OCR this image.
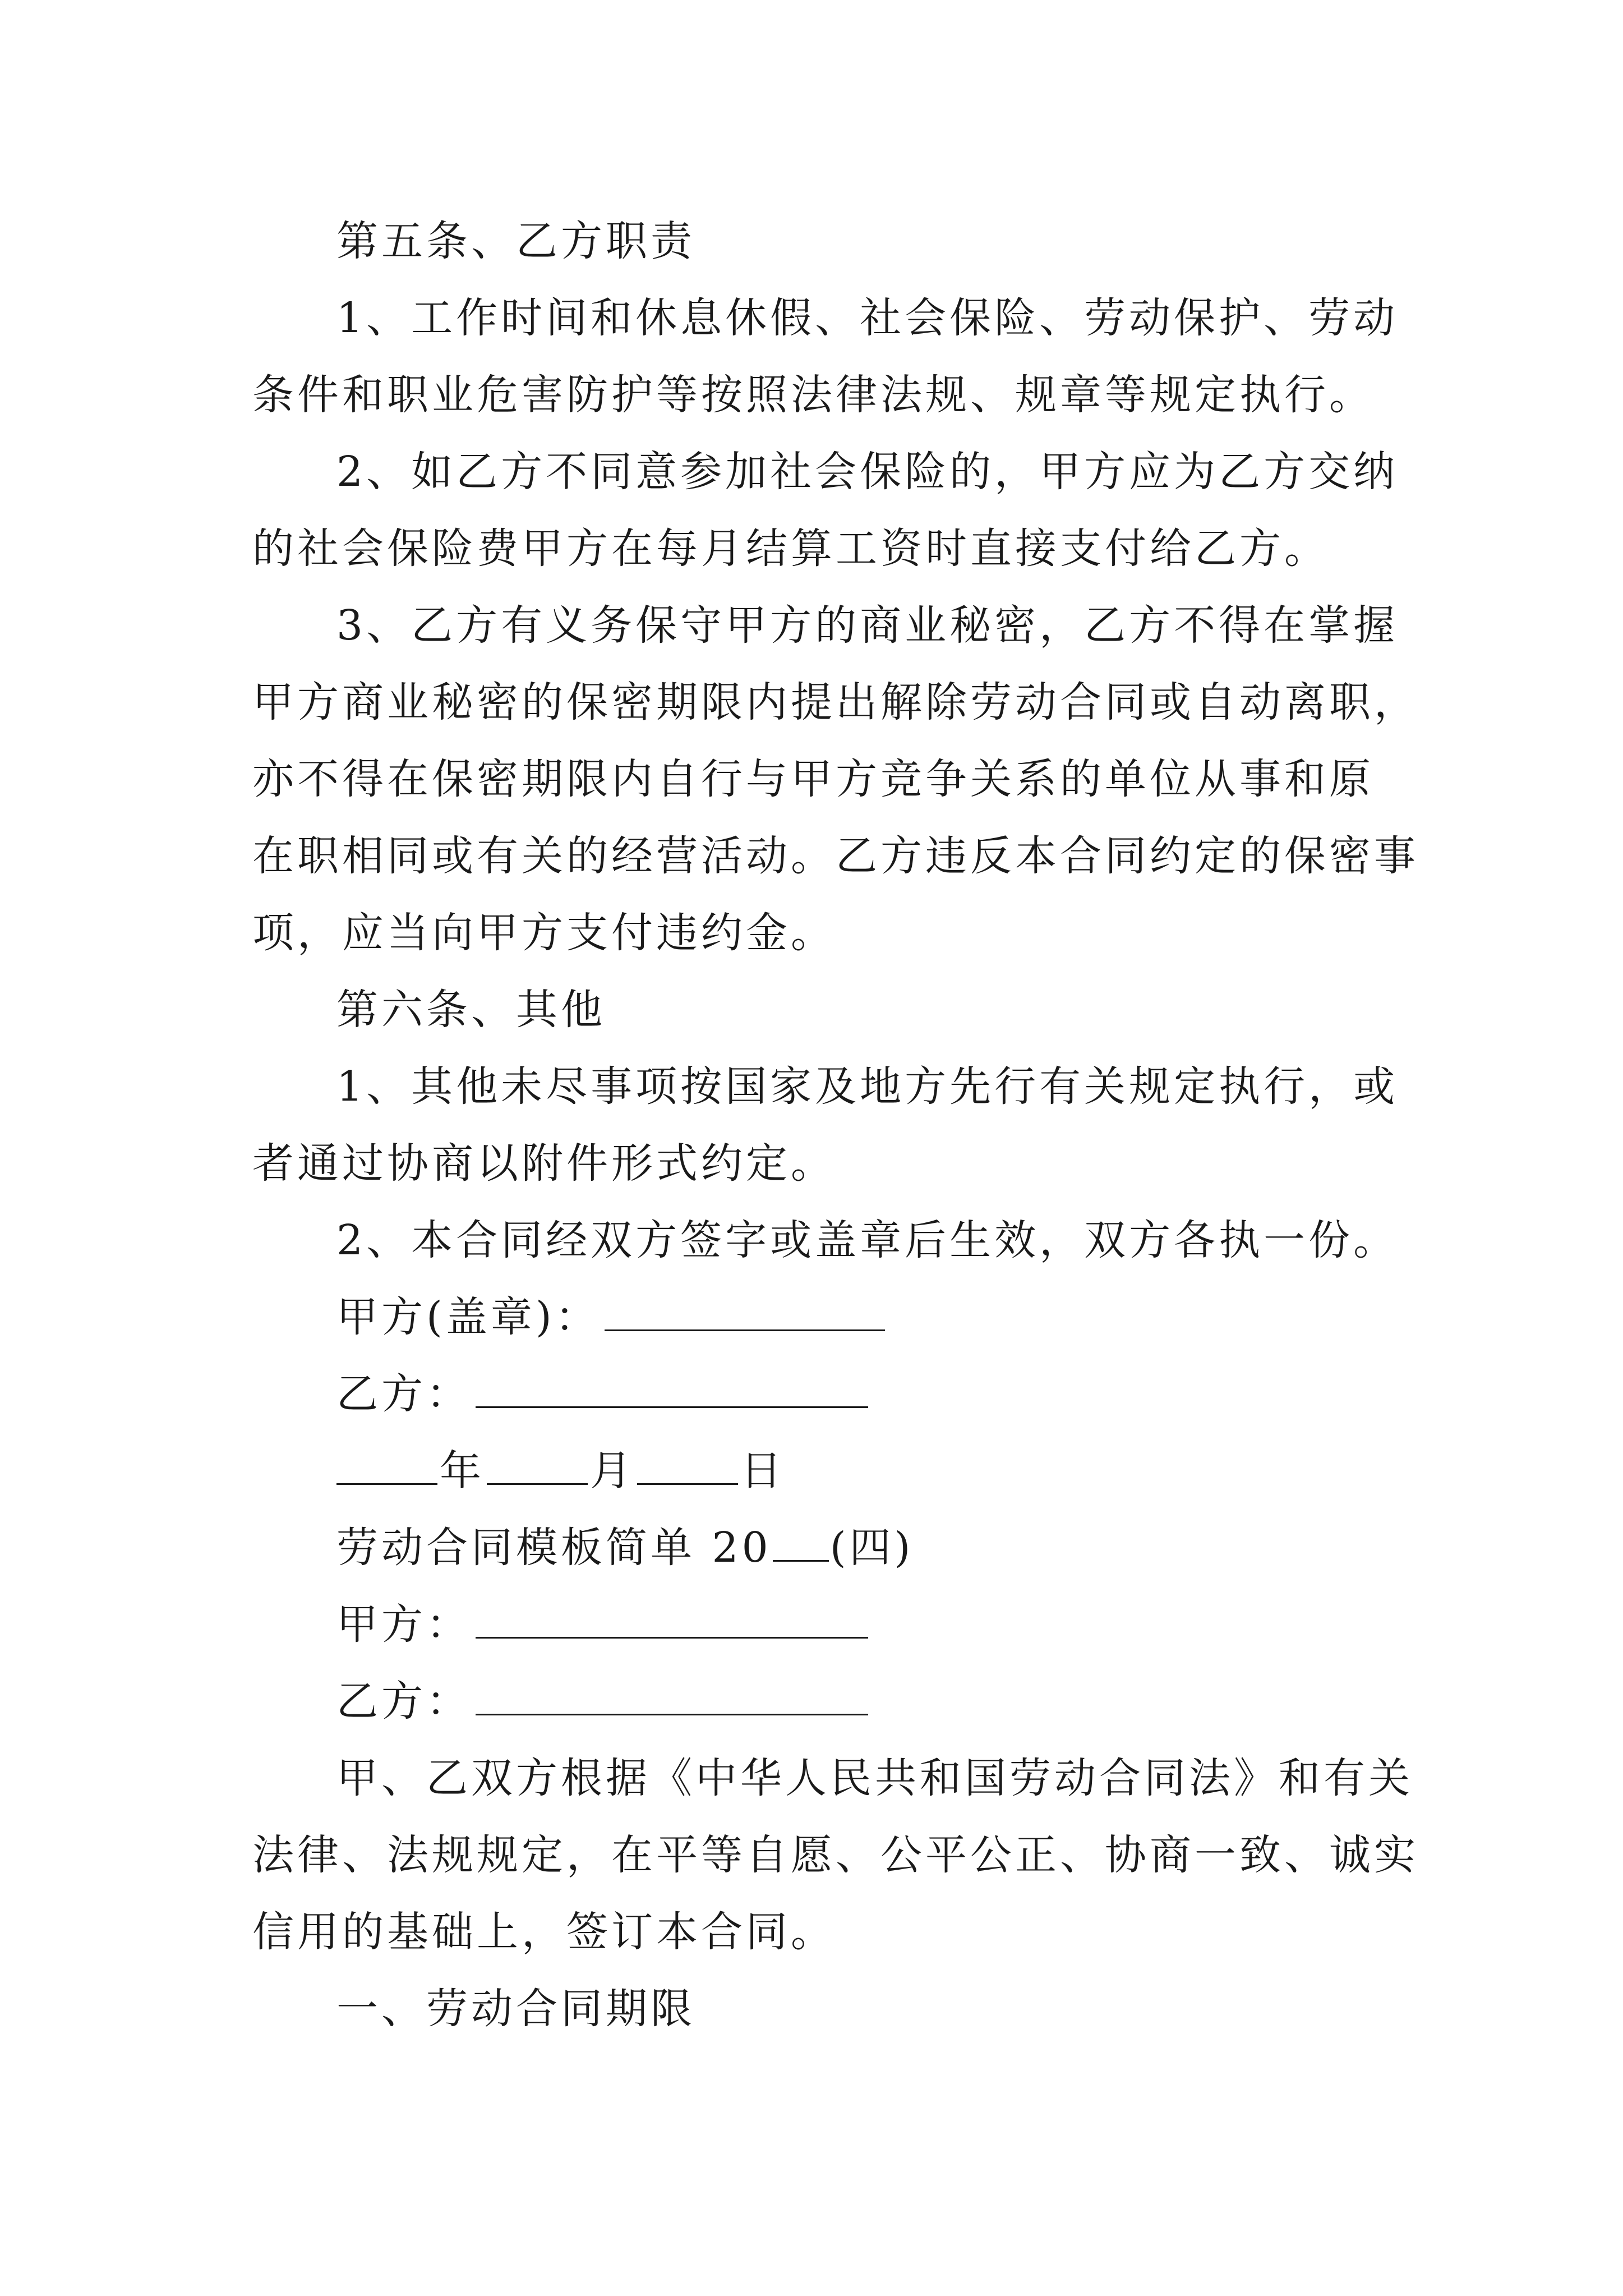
第五条、乙方职责
1、工作时间和休息休假、社会保险、劳动保护、劳动
条件和职业危害防护等按照法律法规、规章等规定执行。
2、如乙方不同意参加社会保险的，甲方应为乙方交纳
的社会保险费甲方在每月结算工资时直接支付给乙方。
3、乙方有义务保守甲方的商业秘密，乙方不得在掌握
甲方商业秘密的保密期限内提出解除劳动合同或自动离职，
亦不得在保密期限内自行与甲方竞争关系的单位从事和原
在职相同或有关的经营活动。乙方违反本合同约定的保密事
项，应当向甲方支付违约金。
第六条、其他
1、其他未尽事项按国家及地方先行有关规定执行，或
者通过协商以附件形式约定。
2、本合同经双方签字或盖章后生效，双方各执一份。
甲方(盖章)：
乙方：
年	月	日
劳动合同模板简单 20 (四)
甲方：
乙方：
甲、乙双方根据《中华人民共和国劳动合同法》和有关
法律、法规规定，在平等自愿、公平公正、协商一致、诚实
信用的基础上，签订本合同。
一、劳动合同期限
